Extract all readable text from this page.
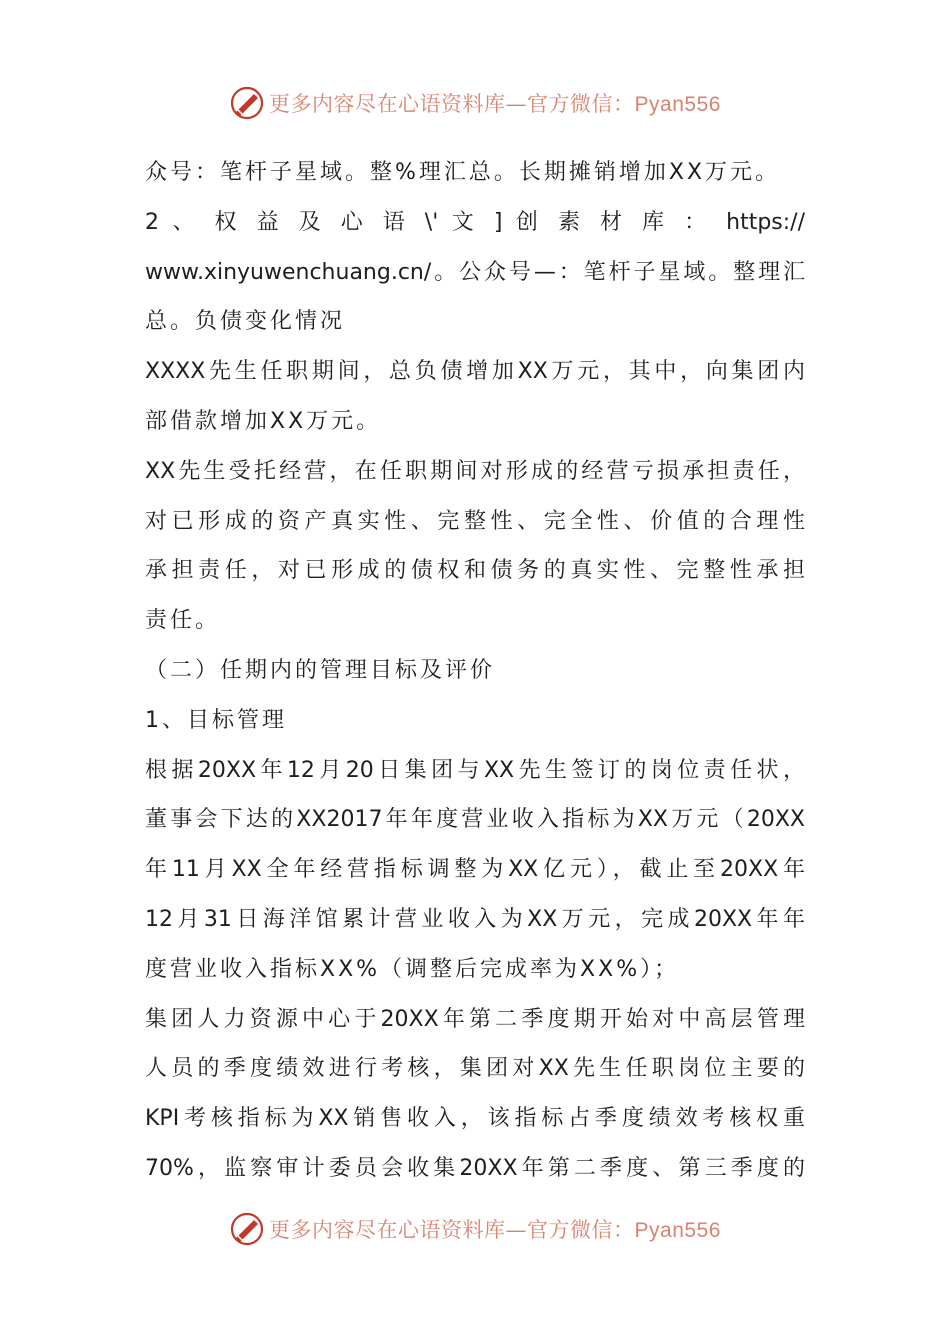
更多内容尽在心语资料库—官方微信：Pyan556
众号：笔杆子星域。整%理汇总。长期摊销增加XX万元。
2 、 权 益 及 心 语 \' 文 ] 创 素 材 库 ： https://
www.xinyuwenchuang.cn/。公众号—：笔杆子星域。整理汇
总。负债变化情况
XXXX先生任职期间，总负债增加XX万元，其中，向集团内
部借款增加XX万元。
XX先生受托经营，在任职期间对形成的经营亏损承担责任，
对已形成的资产真实性、完整性、完全性、价值的合理性
承担责任，对已形成的债权和债务的真实性、完整性承担
责任。
（二）任期内的管理目标及评价
1、目标管理
根据20XX年12月20日集团与XX先生签订的岗位责任状，
董事会下达的XX2017年年度营业收入指标为XX万元（20XX
年11月XX全年经营指标调整为XX亿元），截止至20XX年
12月31日海洋馆累计营业收入为XX万元，完成20XX年年
度营业收入指标XX%（调整后完成率为XX%）；
集团人力资源中心于20XX年第二季度期开始对中高层管理
人员的季度绩效进行考核，集团对XX先生任职岗位主要的
KPI考核指标为XX销售收入，该指标占季度绩效考核权重
70%，监察审计委员会收集20XX年第二季度、第三季度的
更多内容尽在心语资料库—官方微信：Pyan556
